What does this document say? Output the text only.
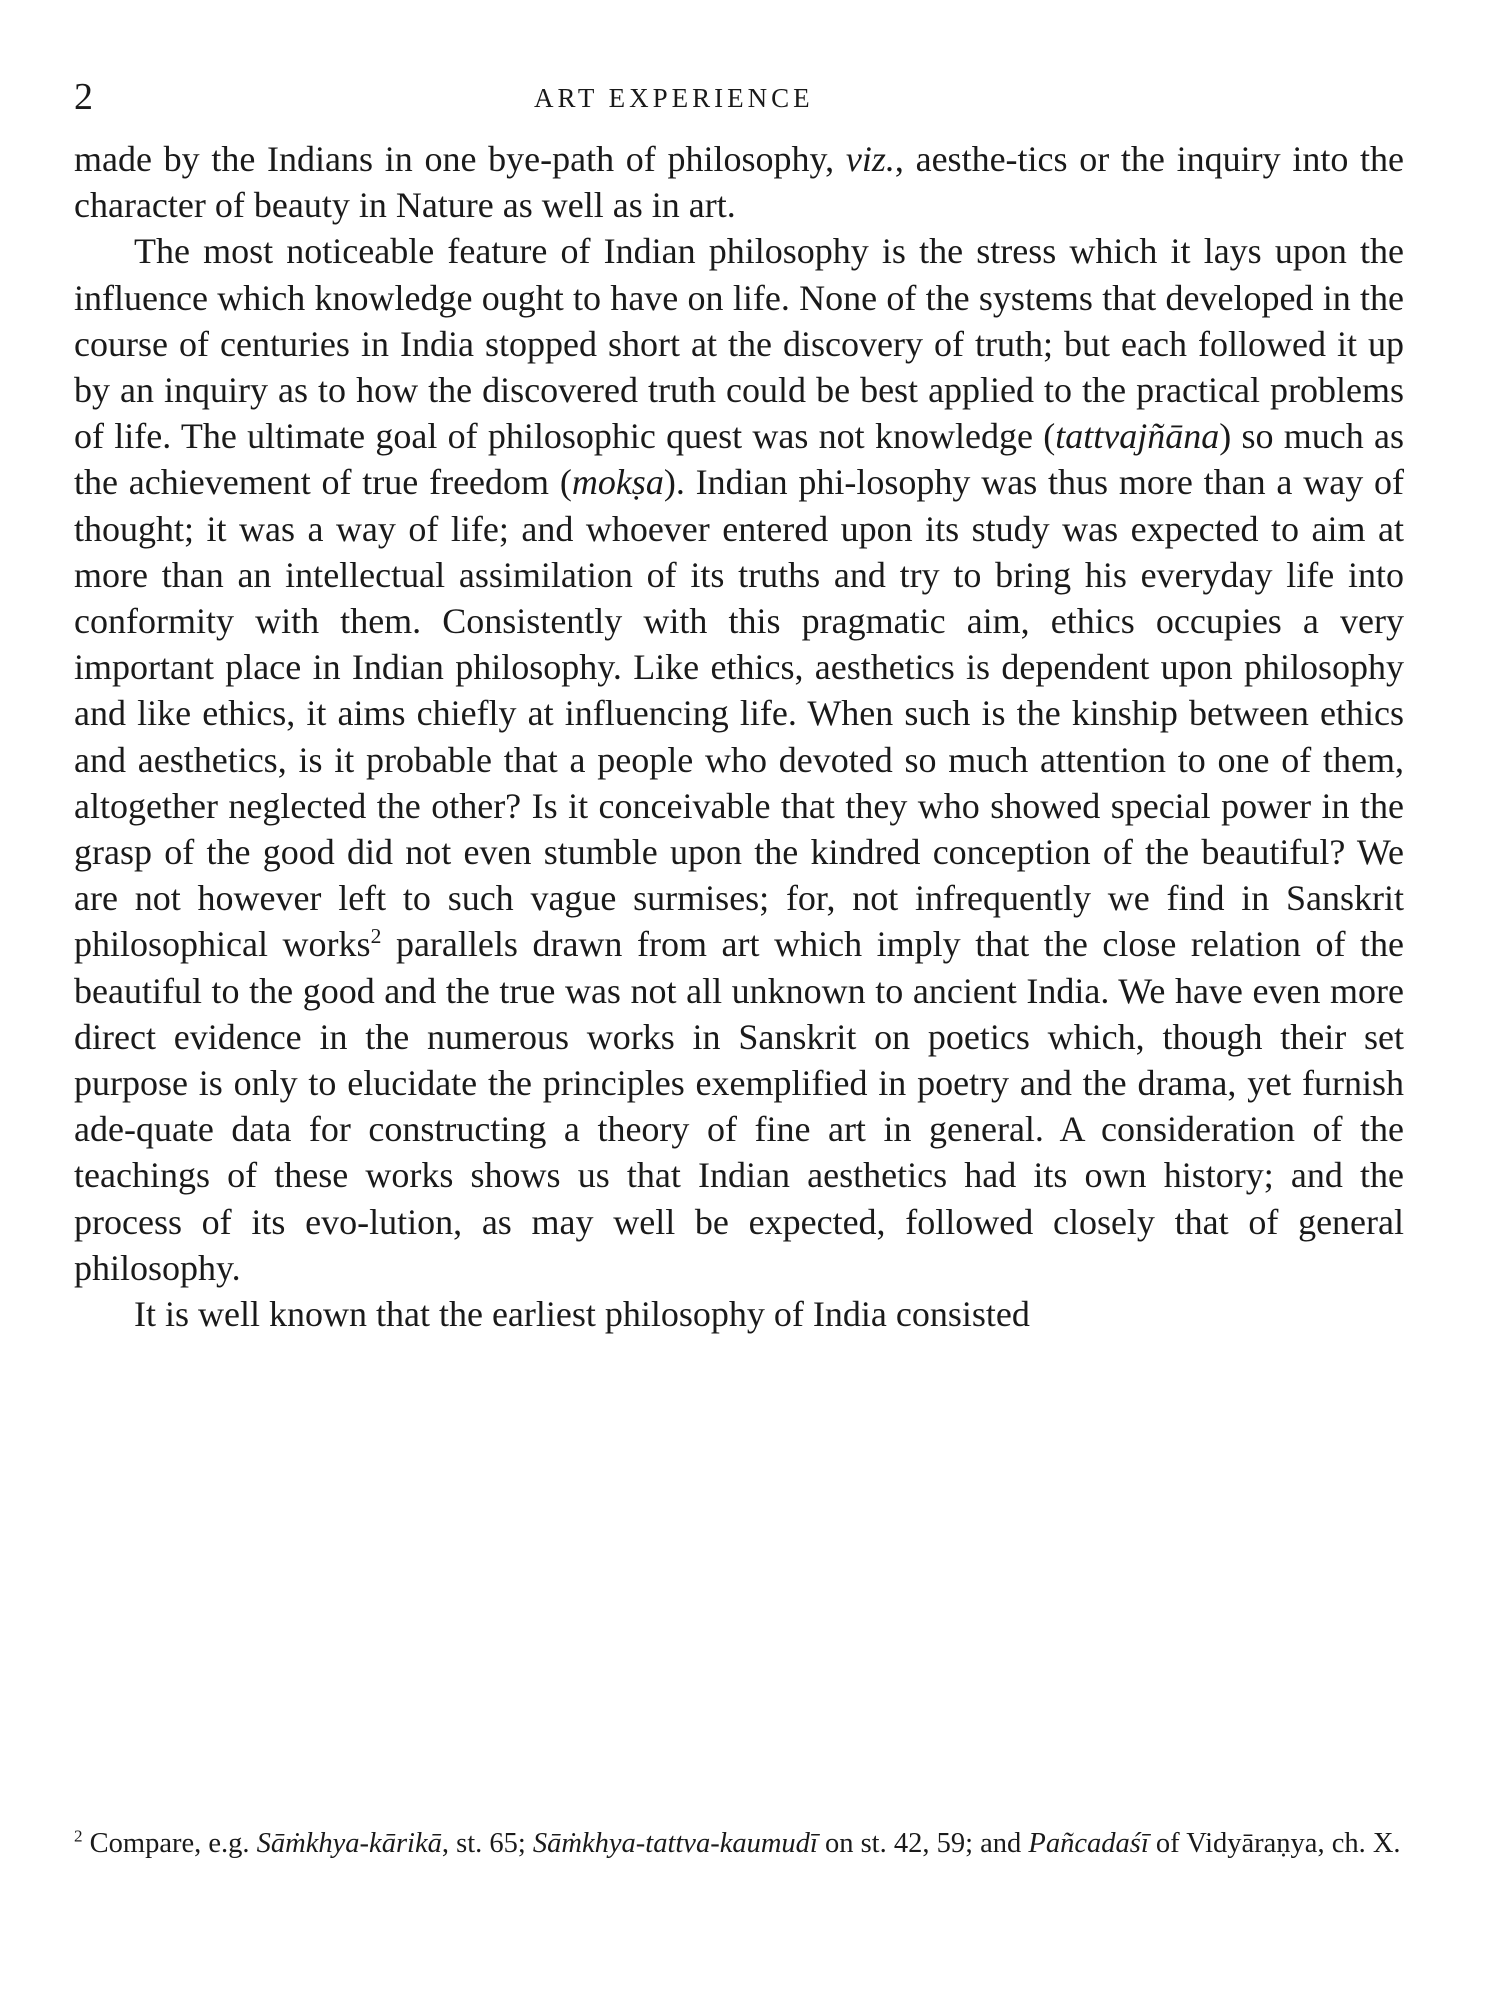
2	ART EXPERIENCE

made by the Indians in one bye-path of philosophy, viz., aesthe-tics or the inquiry into the character of beauty in Nature as well as in art.

The most noticeable feature of Indian philosophy is the stress which it lays upon the influence which knowledge ought to have on life. None of the systems that developed in the course of centuries in India stopped short at the discovery of truth; but each followed it up by an inquiry as to how the discovered truth could be best applied to the practical problems of life. The ultimate goal of philosophic quest was not knowledge (tattvajñāna) so much as the achievement of true freedom (mokṣa). Indian phi-losophy was thus more than a way of thought; it was a way of life; and whoever entered upon its study was expected to aim at more than an intellectual assimilation of its truths and try to bring his everyday life into conformity with them. Consistently with this pragmatic aim, ethics occupies a very important place in Indian philosophy. Like ethics, aesthetics is dependent upon philosophy and like ethics, it aims chiefly at influencing life. When such is the kinship between ethics and aesthetics, is it probable that a people who devoted so much attention to one of them, altogether neglected the other? Is it conceivable that they who showed special power in the grasp of the good did not even stumble upon the kindred conception of the beautiful? We are not however left to such vague surmises; for, not infrequently we find in Sanskrit philosophical works$^2$ parallels drawn from art which imply that the close relation of the beautiful to the good and the true was not all unknown to ancient India. We have even more direct evidence in the numerous works in Sanskrit on poetics which, though their set purpose is only to elucidate the principles exemplified in poetry and the drama, yet furnish ade-quate data for constructing a theory of fine art in general. A consideration of the teachings of these works shows us that Indian aesthetics had its own history; and the process of its evo-lution, as may well be expected, followed closely that of general philosophy.

It is well known that the earliest philosophy of India consisted

$^2$ Compare, e.g. Sāṁkhya-kārikā, st. 65; Sāṁkhya-tattva-kaumudī on st. 42, 59; and Pañcadaśī of Vidyāraṇya, ch. X.
